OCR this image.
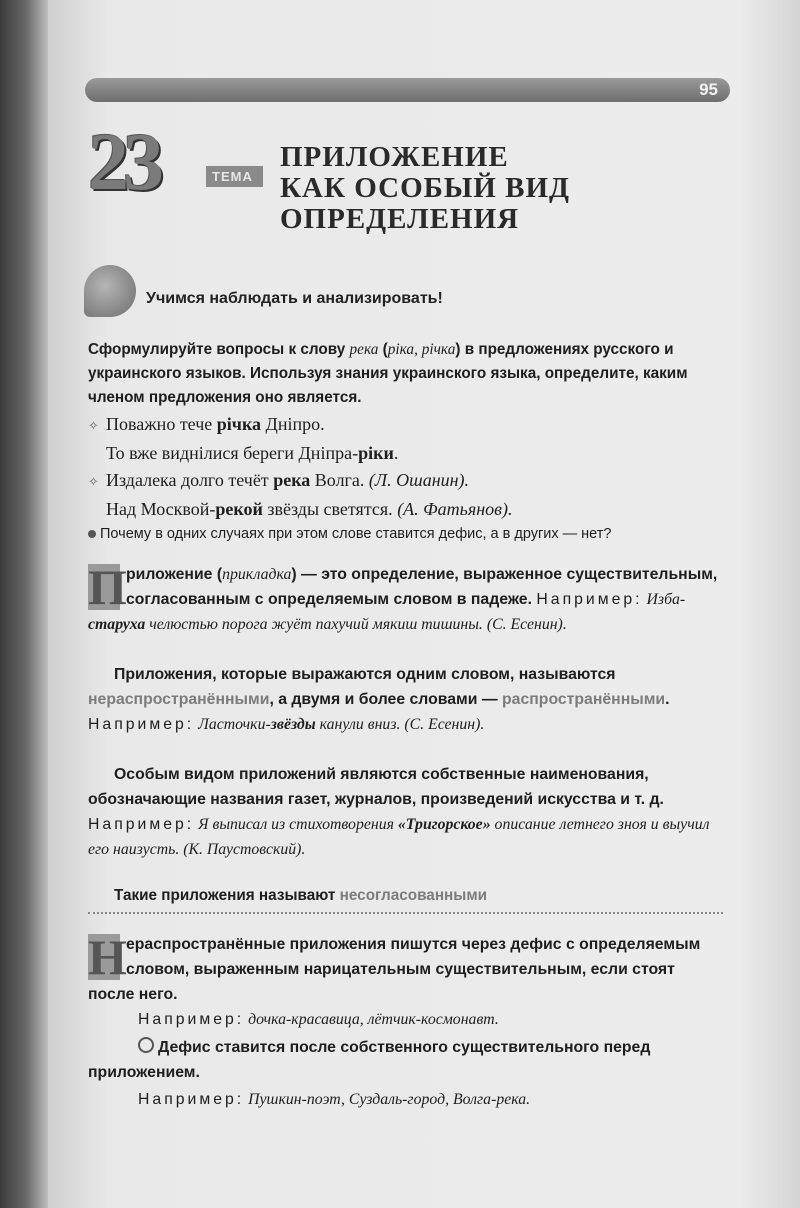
95
23	ТЕМА
ПРИЛОЖЕНИЕ
КАК ОСОБЫЙ ВИД
ОПРЕДЕЛЕНИЯ
Учимся наблюдать и анализировать!
Сформулируйте вопросы к слову река (ріка, річка) в предложениях русского и украинского языков. Используя знания украинского языка, определите, каким членом предложения оно является.
✧ Поважно тече річка Дніпро.
То вже виднілися береги Дніпра-ріки.
✧ Издалека долго течёт река Волга. (Л. Ошанин).
Над Москвой-рекой звёзды светятся. (А. Фатьянов).
Почему в одних случаях при этом слове ставится дефис, а в других — нет?
П риложение (прикладка) — это определение, выраженное существительным, согласованным с определяемым словом в падеже. Например: Изба-старуха челюстью порога жуёт пахучий мякиш тишины. (С. Есенин).
Приложения, которые выражаются одним словом, называются нераспространёнными, а двумя и более словами — распространёнными. Например: Ласточки-звёзды канули вниз. (С. Есенин).
Особым видом приложений являются собственные наименования, обозначающие названия газет, журналов, произведений искусства и т. д. Например: Я выписал из стихотворения «Тригорское» описание летнего зноя и выучил его наизусть. (К. Паустовский).
Такие приложения называют несогласованными
Н ераспространённые приложения пишутся через дефис с определяемым словом, выраженным нарицательным существительным, если стоят после него.
Например: дочка-красавица, лётчик-космонавт.
Дефис ставится после собственного существительного перед приложением.
Например: Пушкин-поэт, Суздаль-город, Волга-река.
